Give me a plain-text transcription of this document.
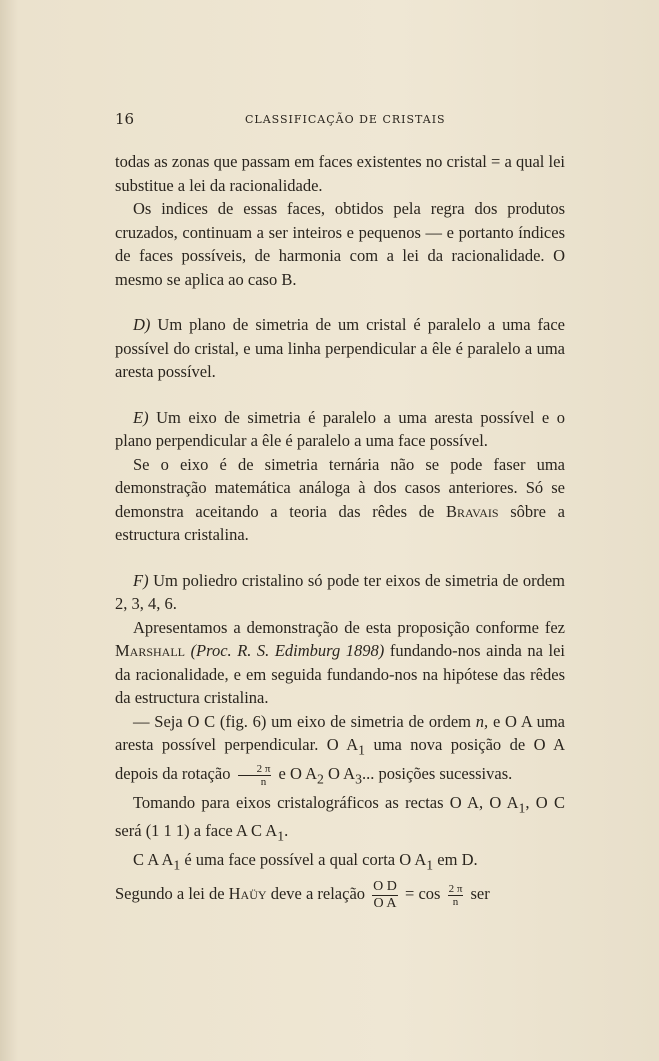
16	CLASSIFICAÇÃO DE CRISTAIS

todas as zonas que passam em faces existentes no cristal = a qual lei substitue a lei da racionalidade.

Os indices de essas faces, obtidos pela regra dos produtos cruzados, continuam a ser inteiros e pequenos — e portanto índices de faces possíveis, de harmonia com a lei da racionalidade. O mesmo se aplica ao caso B.

D) Um plano de simetria de um cristal é paralelo a uma face possível do cristal, e uma linha perpendicular a êle é paralelo a uma aresta possível.

E) Um eixo de simetria é paralelo a uma aresta possível e o plano perpendicular a êle é paralelo a uma face possível.

Se o eixo é de simetria ternária não se pode faser uma demonstração matemática análoga à dos casos anteriores. Só se demonstra aceitando a teoria das rêdes de Bravais sôbre a estructura cristalina.

F) Um poliedro cristalino só pode ter eixos de simetria de ordem 2, 3, 4, 6.

Apresentamos a demonstração de esta proposição conforme fez Marshall (Proc. R. S. Edimburg 1898) fundando-nos ainda na lei da racionalidade, e em seguida fundando-nos na hipótese das rêdes da estructura cristalina.

— Seja O C (fig. 6) um eixo de simetria de ordem n, e O A uma aresta possível perpendicular. O $A_1$ uma nova posição de O A depois da rotação $\frac{2 \pi}{n}$ e O $A_2$ O $A_3$... posições sucessivas.

Tomando para eixos cristalográficos as rectas O A, O $A_1$, O C será (1 1 1) a face A C $A_1$.

C A $A_1$ é uma face possível a qual corta O $A_1$ em D.

Segundo a lei de Haüy deve a relação $\frac{\text{O D}}{\text{O A}} = \cos \frac{2 \pi}{n}$ ser
